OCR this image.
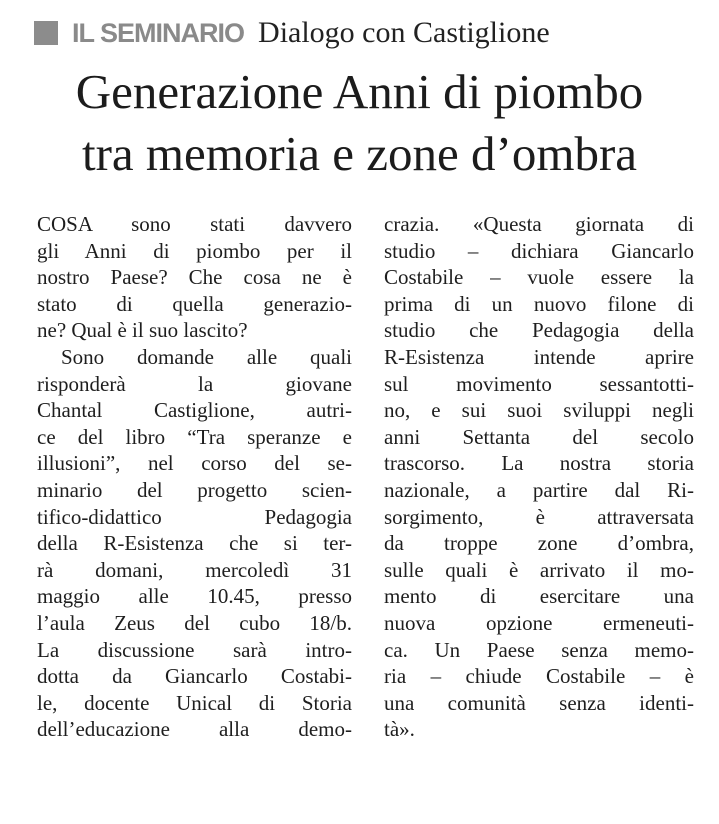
IL SEMINARIO Dialogo con Castiglione
Generazione Anni di piombo
tra memoria e zone d’ombra
COSA sono stati davvero
gli Anni di piombo per il
nostro Paese? Che cosa ne è
stato di quella generazio-
ne? Qual è il suo lascito?
Sono domande alle quali
risponderà la giovane
Chantal Castiglione, autri-
ce del libro “Tra speranze e
illusioni”, nel corso del se-
minario del progetto scien-
tifico-didattico Pedagogia
della R-Esistenza che si ter-
rà domani, mercoledì 31
maggio alle 10.45, presso
l’aula Zeus del cubo 18/b.
La discussione sarà intro-
dotta da Giancarlo Costabi-
le, docente Unical di Storia
dell’educazione alla demo-
crazia. «Questa giornata di
studio – dichiara Giancarlo
Costabile – vuole essere la
prima di un nuovo filone di
studio che Pedagogia della
R-Esistenza intende aprire
sul movimento sessantotti-
no, e sui suoi sviluppi negli
anni Settanta del secolo
trascorso. La nostra storia
nazionale, a partire dal Ri-
sorgimento, è attraversata
da troppe zone d’ombra,
sulle quali è arrivato il mo-
mento di esercitare una
nuova opzione ermeneuti-
ca. Un Paese senza memo-
ria – chiude Costabile – è
una comunità senza identi-
tà».
